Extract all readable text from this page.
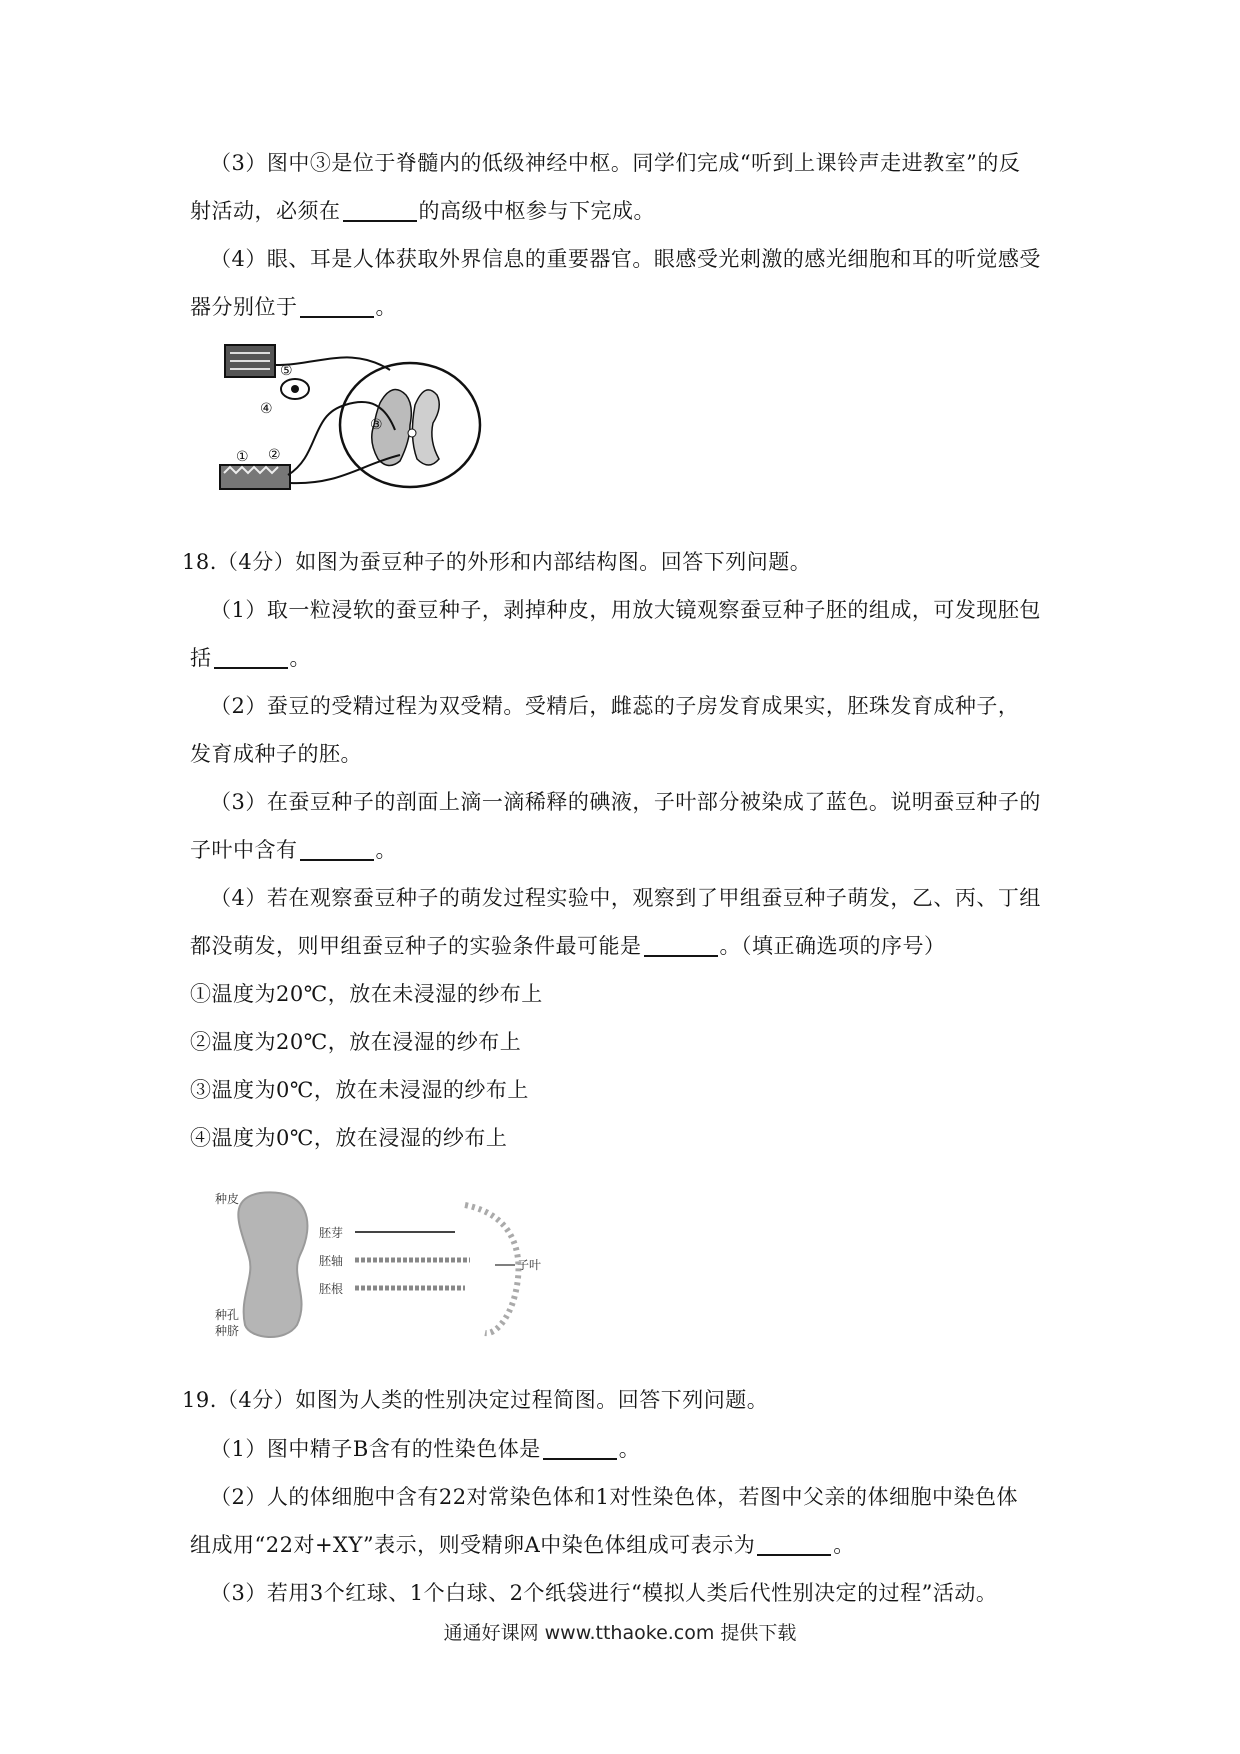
（3）图中③是位于脊髓内的低级神经中枢。同学们完成“听到上课铃声走进教室”的反
射活动，必须在	的高级中枢参与下完成。
（4）眼、耳是人体获取外界信息的重要器官。眼感受光刺激的感光细胞和耳的听觉感受
器分别位于	。
⑤
④
① ②
③
18.（4分）如图为蚕豆种子的外形和内部结构图。回答下列问题。
（1）取一粒浸软的蚕豆种子，剥掉种皮，用放大镜观察蚕豆种子胚的组成，可发现胚包
括	。
（2）蚕豆的受精过程为双受精。受精后，雌蕊的子房发育成果实，胚珠发育成种子，
发育成种子的胚。
（3）在蚕豆种子的剖面上滴一滴稀释的碘液，子叶部分被染成了蓝色。说明蚕豆种子的
子叶中含有	。
（4）若在观察蚕豆种子的萌发过程实验中，观察到了甲组蚕豆种子萌发，乙、丙、丁组
都没萌发，则甲组蚕豆种子的实验条件最可能是	。（填正确选项的序号）
①温度为20℃，放在未浸湿的纱布上
②温度为20℃，放在浸湿的纱布上
③温度为0℃，放在未浸湿的纱布上
④温度为0℃，放在浸湿的纱布上
种皮
胚芽
胚轴
胚根
子叶
种孔
种脐
19.（4分）如图为人类的性别决定过程简图。回答下列问题。
（1）图中精子B含有的性染色体是	。
（2）人的体细胞中含有22对常染色体和1对性染色体，若图中父亲的体细胞中染色体
组成用“22对+XY”表示，则受精卵A中染色体组成可表示为	。
（3）若用3个红球、1个白球、2个纸袋进行“模拟人类后代性别决定的过程”活动。
通通好课网 www.tthaoke.com 提供下载
